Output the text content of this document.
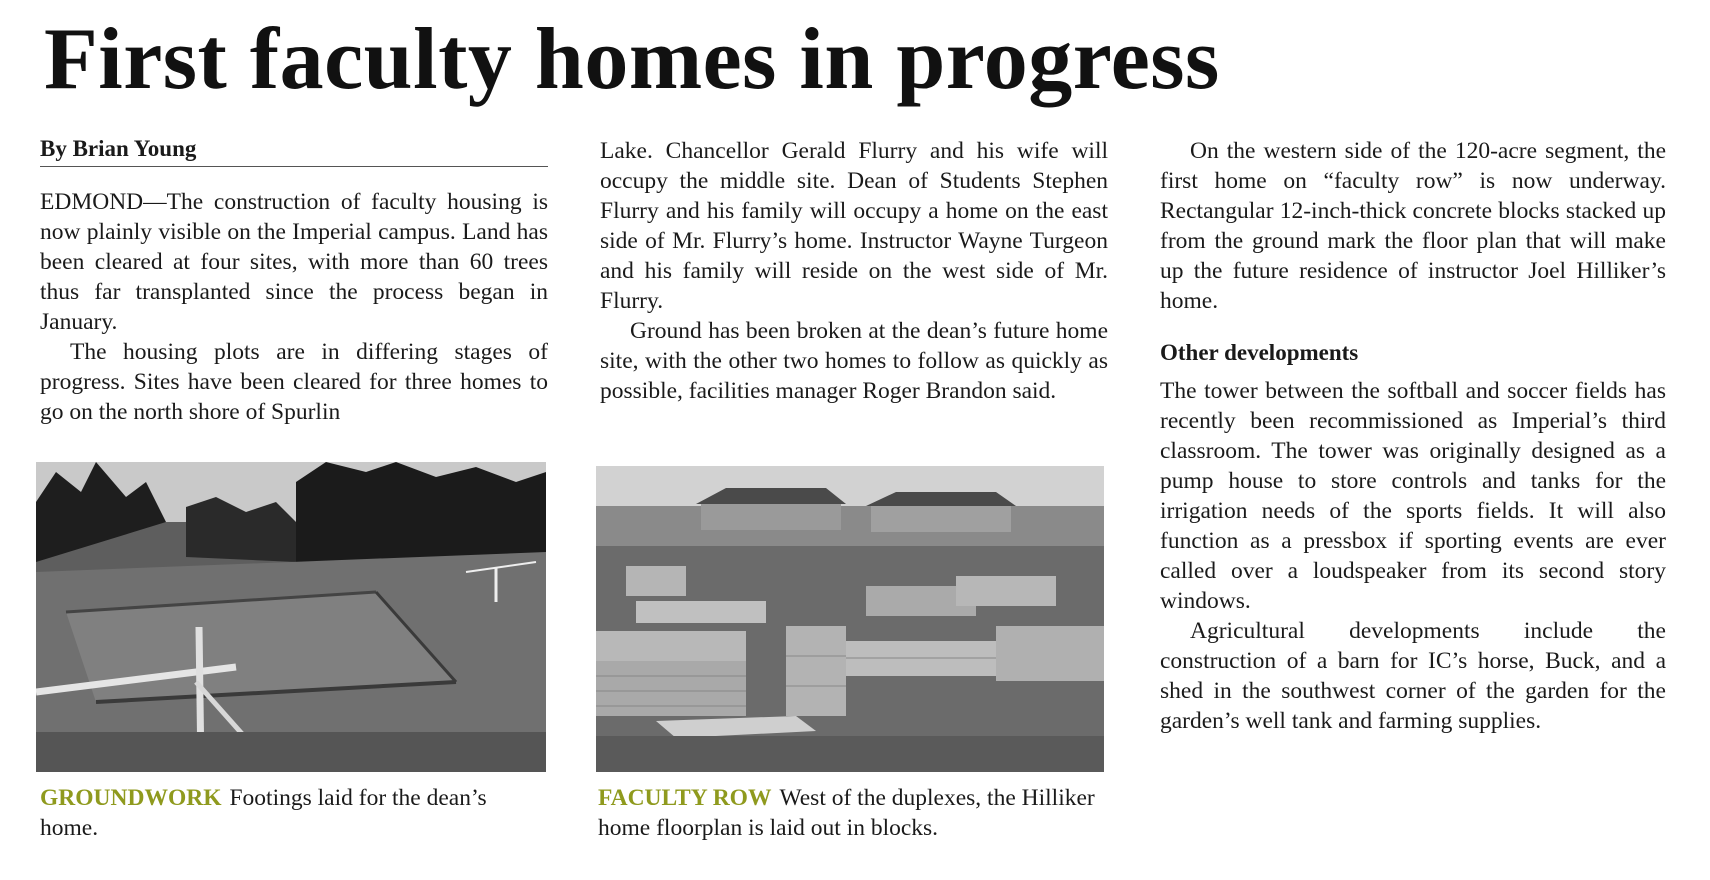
First faculty homes in progress
By Brian Young

EDMOND—The construction of faculty housing is now plainly visible on the Imperial campus. Land has been cleared at four sites, with more than 60 trees thus far transplanted since the process began in January.

The housing plots are in differing stages of progress. Sites have been cleared for three homes to go on the north shore of Spurlin

Lake. Chancellor Gerald Flurry and his wife will occupy the middle site. Dean of Students Stephen Flurry and his family will occupy a home on the east side of Mr. Flurry’s home. Instructor Wayne Turgeon and his family will reside on the west side of Mr. Flurry.

Ground has been broken at the dean’s future home site, with the other two homes to follow as quickly as possible, facilities manager Roger Brandon said.

On the western side of the 120-acre segment, the first home on “faculty row” is now underway. Rectangular 12-inch-thick concrete blocks stacked up from the ground mark the floor plan that will make up the future residence of instructor Joel Hilliker’s home.

Other developments

The tower between the softball and soccer fields has recently been recommissioned as Imperial’s third classroom. The tower was originally designed as a pump house to store controls and tanks for the irrigation needs of the sports fields. It will also function as a pressbox if sporting events are ever called over a loudspeaker from its second story windows.

Agricultural developments include the construction of a barn for IC’s horse, Buck, and a shed in the southwest corner of the garden for the garden’s well tank and farming supplies.

GROUNDWORK Footings laid for the dean’s home.
FACULTY ROW West of the duplexes, the Hilliker home floorplan is laid out in blocks.
